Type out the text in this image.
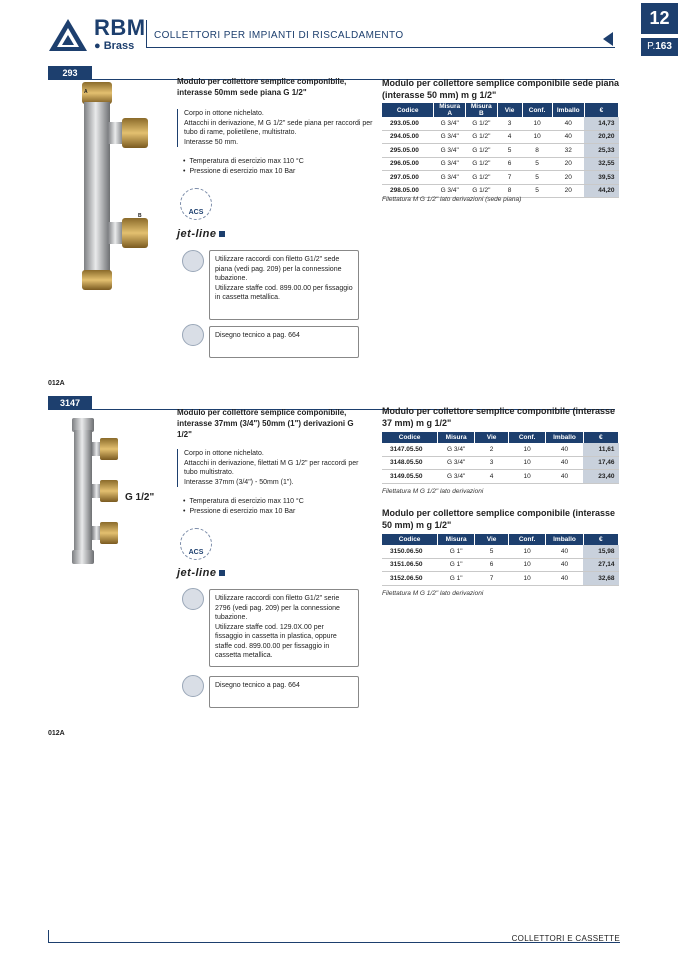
RBM
● Brass
COLLETTORI PER IMPIANTI DI RISCALDAMENTO
12
P.163
293
A
B
Modulo per collettore semplice componibile, interasse 50mm sede piana G 1/2"
Corpo in ottone nichelato.
Attacchi in derivazione, M G 1/2" sede piana per raccordi per tubo di rame, polietilene, multistrato.
Interasse 50 mm.
• Temperatura di esercizio max 110 °C
• Pressione di esercizio max 10 Bar
ACS
jet-line
Utilizzare raccordi con filetto G1/2" sede piana (vedi pag. 209) per la connessione tubazione.
Utilizzare staffe cod. 899.00.00 per fissaggio in cassetta metallica.
Disegno tecnico a pag. 664
012A
Modulo per collettore semplice componibile sede piana (interasse 50 mm) m g 1/2"
Codice	Misura A	Misura B	Vie	Conf.	Imballo	€
293.05.00	G 3/4"	G 1/2"	3	10	40	14,73
294.05.00	G 3/4"	G 1/2"	4	10	40	20,20
295.05.00	G 3/4"	G 1/2"	5	8	32	25,33
296.05.00	G 3/4"	G 1/2"	6	5	20	32,55
297.05.00	G 3/4"	G 1/2"	7	5	20	39,53
298.05.00	G 3/4"	G 1/2"	8	5	20	44,20
Filettatura M G 1/2" lato derivazioni (sede piana)
3147
G 1/2"
Modulo per collettore semplice componibile, interasse 37mm (3/4") 50mm (1") derivazioni G 1/2"
Corpo in ottone nichelato.
Attacchi in derivazione, filettati M G 1/2" per raccordi per tubo multistrato.
Interasse 37mm (3/4") - 50mm (1").
• Temperatura di esercizio max 110 °C
• Pressione di esercizio max 10 Bar
ACS
jet-line
Utilizzare raccordi con filetto G1/2" serie 2796 (vedi pag. 209) per la connessione tubazione.
Utilizzare staffe cod. 129.0X.00 per fissaggio in cassetta in plastica, oppure staffe cod. 899.00.00 per fissaggio in cassetta metallica.
Disegno tecnico a pag. 664
012A
Modulo per collettore semplice componibile (interasse 37 mm) m g 1/2"
Codice	Misura	Vie	Conf.	Imballo	€
3147.05.50	G 3/4"	2	10	40	11,61
3148.05.50	G 3/4"	3	10	40	17,46
3149.05.50	G 3/4"	4	10	40	23,40
Filettatura M G 1/2" lato derivazioni
Modulo per collettore semplice componibile (interasse 50 mm) m g 1/2"
Codice	Misura	Vie	Conf.	Imballo	€
3150.06.50	G 1"	5	10	40	15,98
3151.06.50	G 1"	6	10	40	27,14
3152.06.50	G 1"	7	10	40	32,68
Filettatura M G 1/2" lato derivazioni
COLLETTORI E CASSETTE
